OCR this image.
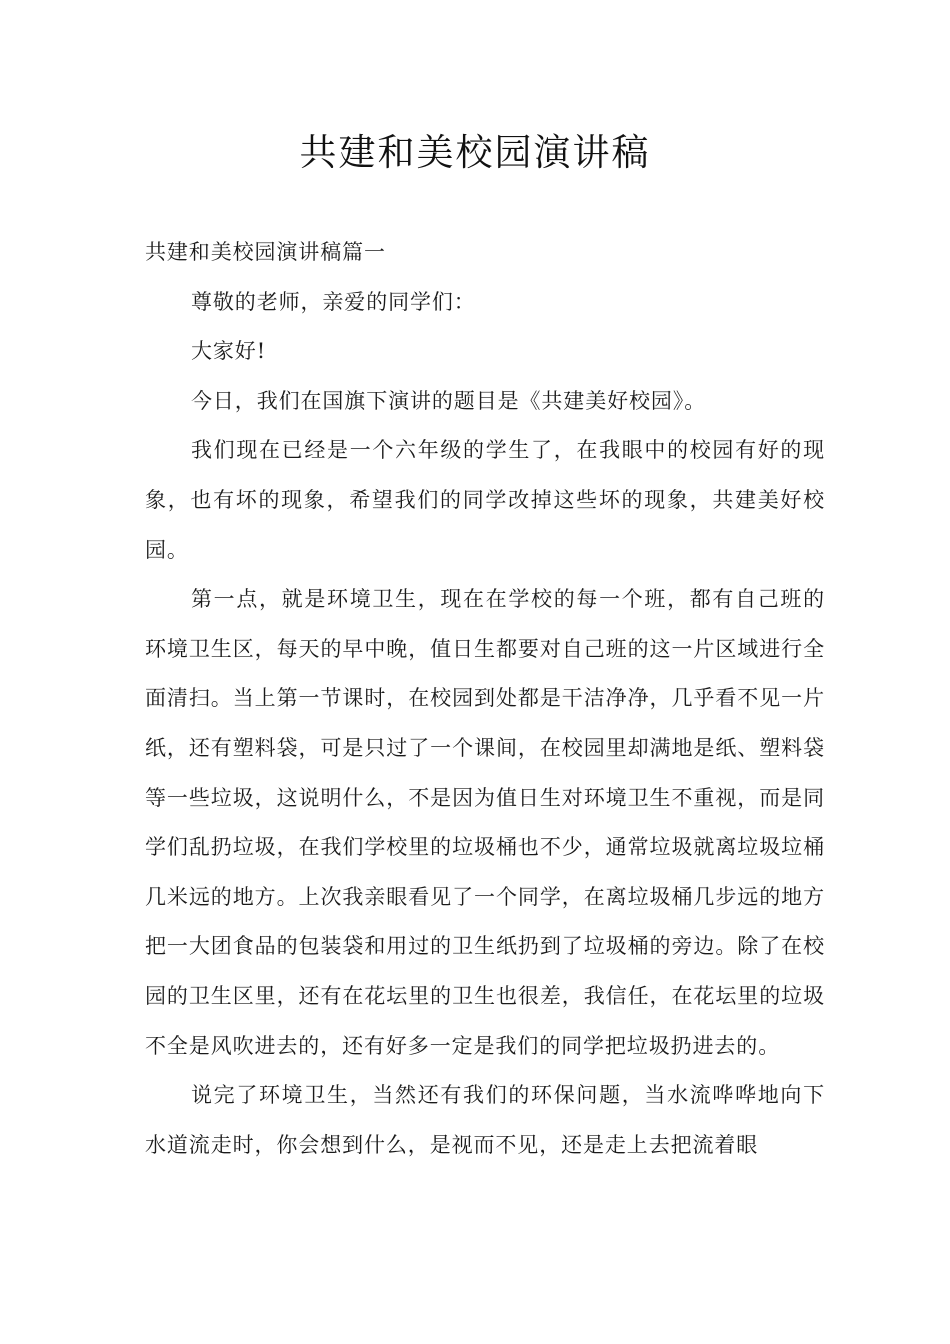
共建和美校园演讲稿

共建和美校园演讲稿篇一

尊敬的老师，亲爱的同学们：

大家好!

今日，我们在国旗下演讲的题目是《共建美好校园》。

我们现在已经是一个六年级的学生了，在我眼中的校园有好的现象，也有坏的现象，希望我们的同学改掉这些坏的现象，共建美好校园。

第一点，就是环境卫生，现在在学校的每一个班，都有自己班的环境卫生区，每天的早中晚，值日生都要对自己班的这一片区域进行全面清扫。当上第一节课时，在校园到处都是干洁净净，几乎看不见一片纸，还有塑料袋，可是只过了一个课间，在校园里却满地是纸、塑料袋等一些垃圾，这说明什么，不是因为值日生对环境卫生不重视，而是同学们乱扔垃圾，在我们学校里的垃圾桶也不少，通常垃圾就离垃圾垃桶几米远的地方。上次我亲眼看见了一个同学，在离垃圾桶几步远的地方把一大团食品的包装袋和用过的卫生纸扔到了垃圾桶的旁边。除了在校园的卫生区里，还有在花坛里的卫生也很差，我信任，在花坛里的垃圾不全是风吹进去的，还有好多一定是我们的同学把垃圾扔进去的。

说完了环境卫生，当然还有我们的环保问题，当水流哗哗地向下水道流走时，你会想到什么，是视而不见，还是走上去把流着眼
